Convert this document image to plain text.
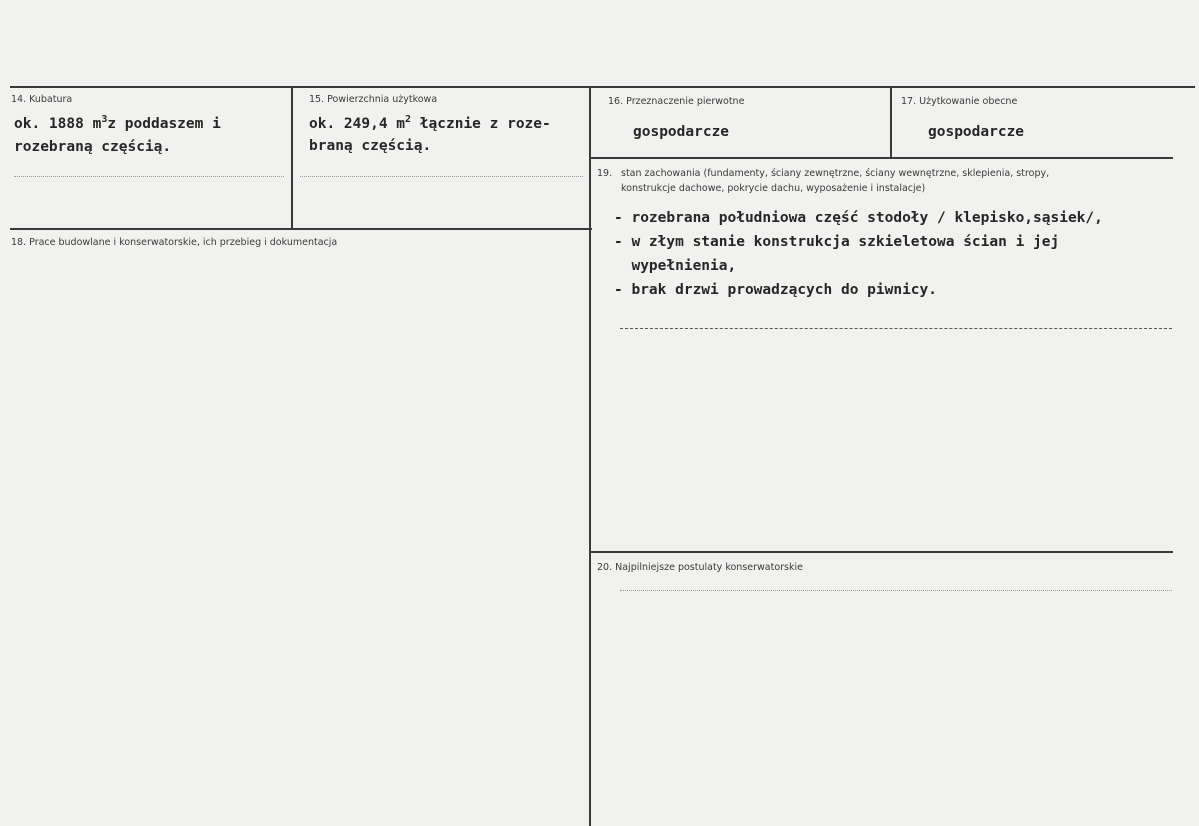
14. Kubatura
ok. 1888 $m^3z$ poddaszem i
rozebraną częścią.
15. Powierzchnia użytkowa
ok. 249,4 $m^2$ łącznie z roze-
braną częścią.
16. Przeznaczenie pierwotne
gospodarcze
17. Użytkowanie obecne
gospodarcze
18. Prace budowlane i konserwatorskie, ich przebieg i dokumentacja
19. stan zachowania (fundamenty, ściany zewnętrzne, ściany wewnętrzne, sklepienia, stropy,
konstrukcje dachowe, pokrycie dachu, wyposażenie i instalacje)
- rozebrana południowa część stodoły / klepisko,sąsiek/,
- w złym stanie konstrukcja szkieletowa ścian i jej
wypełnienia,
- brak drzwi prowadzących do piwnicy.
20. Najpilniejsze postulaty konserwatorskie
